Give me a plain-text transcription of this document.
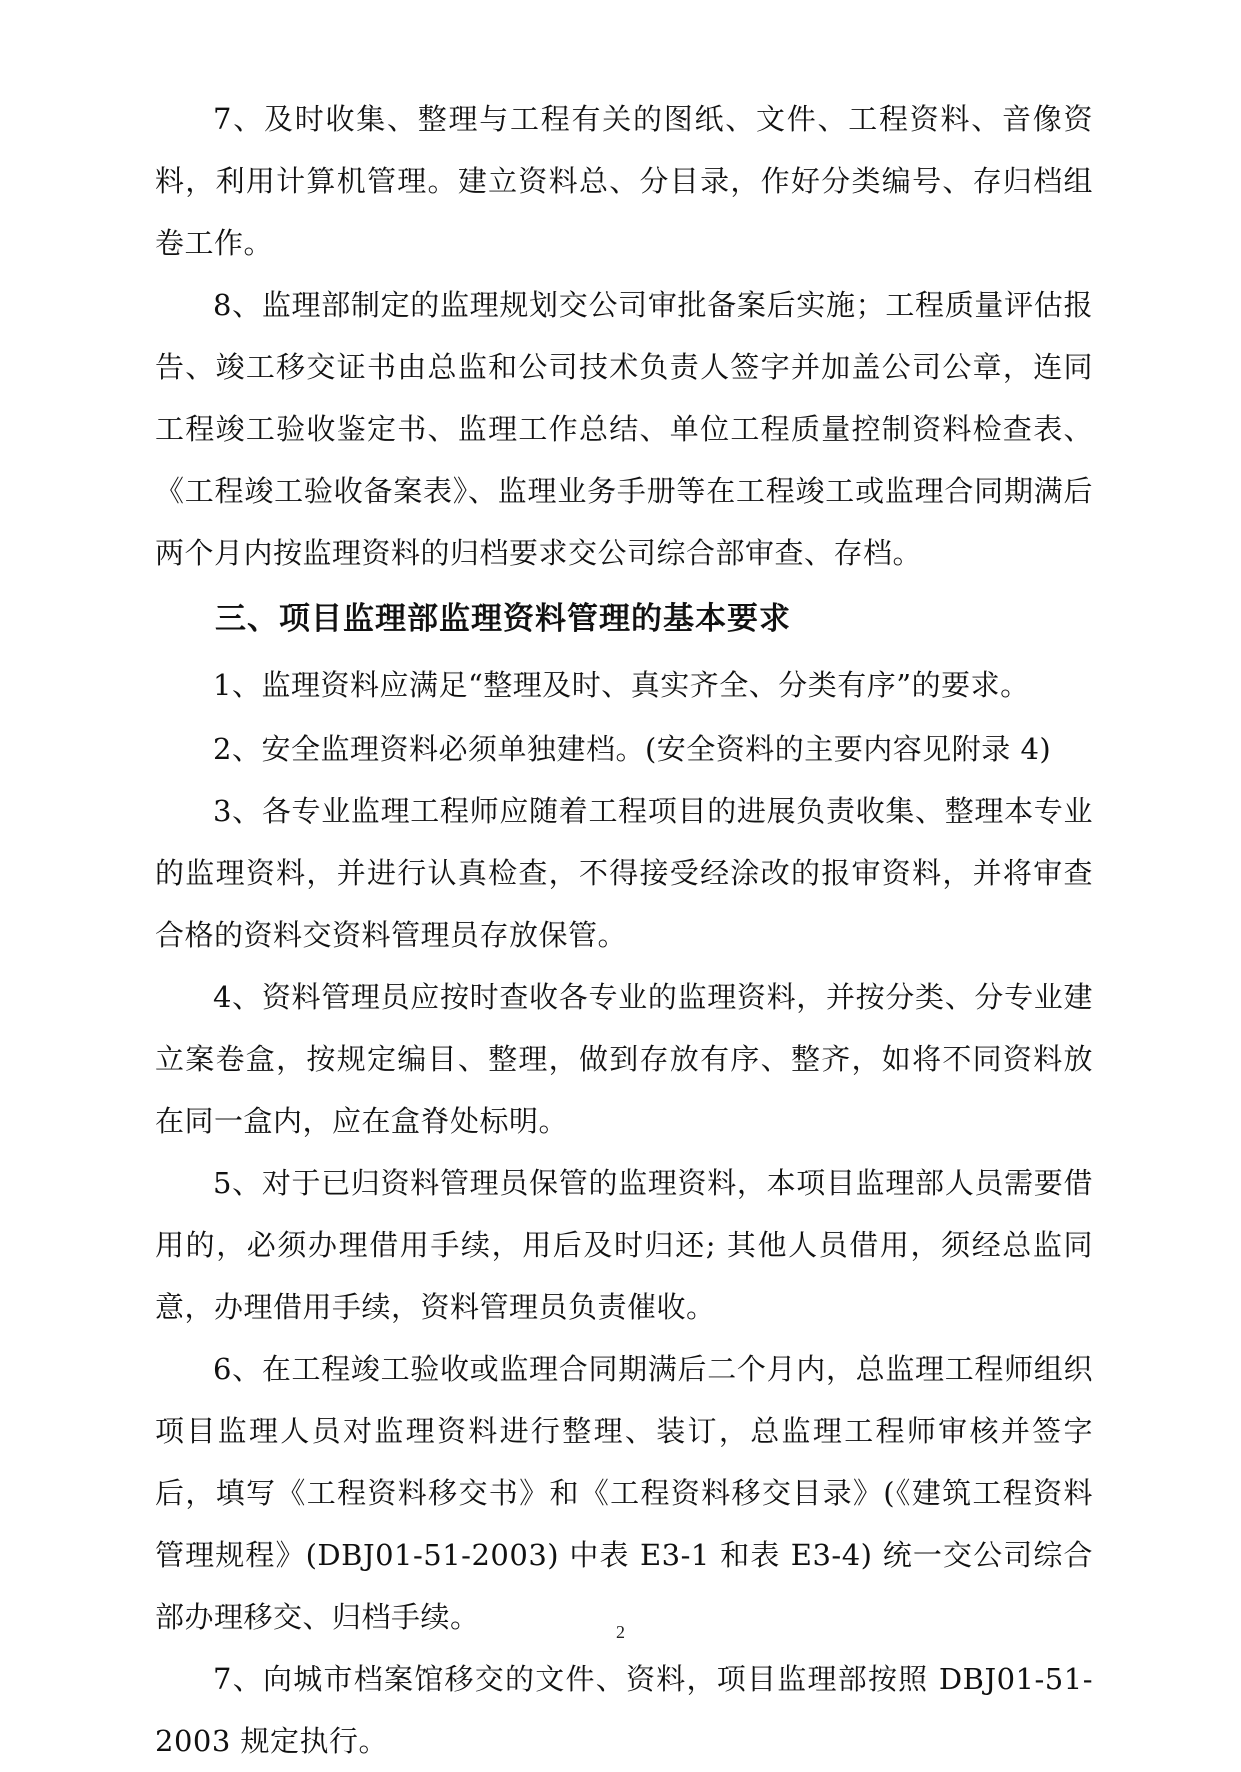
7、及时收集、整理与工程有关的图纸、文件、工程资料、音像资料，利用计算机管理。建立资料总、分目录，作好分类编号、存归档组卷工作。

8、监理部制定的监理规划交公司审批备案后实施；工程质量评估报告、竣工移交证书由总监和公司技术负责人签字并加盖公司公章，连同工程竣工验收鉴定书、监理工作总结、单位工程质量控制资料检查表、《工程竣工验收备案表》、监理业务手册等在工程竣工或监理合同期满后两个月内按监理资料的归档要求交公司综合部审查、存档。

三、项目监理部监理资料管理的基本要求

1、监理资料应满足“整理及时、真实齐全、分类有序”的要求。

2、安全监理资料必须单独建档。(安全资料的主要内容见附录 4)

3、各专业监理工程师应随着工程项目的进展负责收集、整理本专业的监理资料，并进行认真检查，不得接受经涂改的报审资料，并将审查合格的资料交资料管理员存放保管。

4、资料管理员应按时查收各专业的监理资料，并按分类、分专业建立案卷盒，按规定编目、整理，做到存放有序、整齐，如将不同资料放在同一盒内，应在盒脊处标明。

5、对于已归资料管理员保管的监理资料，本项目监理部人员需要借用的，必须办理借用手续，用后及时归还; 其他人员借用，须经总监同意，办理借用手续，资料管理员负责催收。

6、在工程竣工验收或监理合同期满后二个月内，总监理工程师组织项目监理人员对监理资料进行整理、装订，总监理工程师审核并签字后，填写《工程资料移交书》和《工程资料移交目录》(《建筑工程资料管理规程》(DBJ01-51-2003) 中表 E3-1 和表 E3-4) 统一交公司综合部办理移交、归档手续。

7、向城市档案馆移交的文件、资料，项目监理部按照 DBJ01-51-2003 规定执行。

2
